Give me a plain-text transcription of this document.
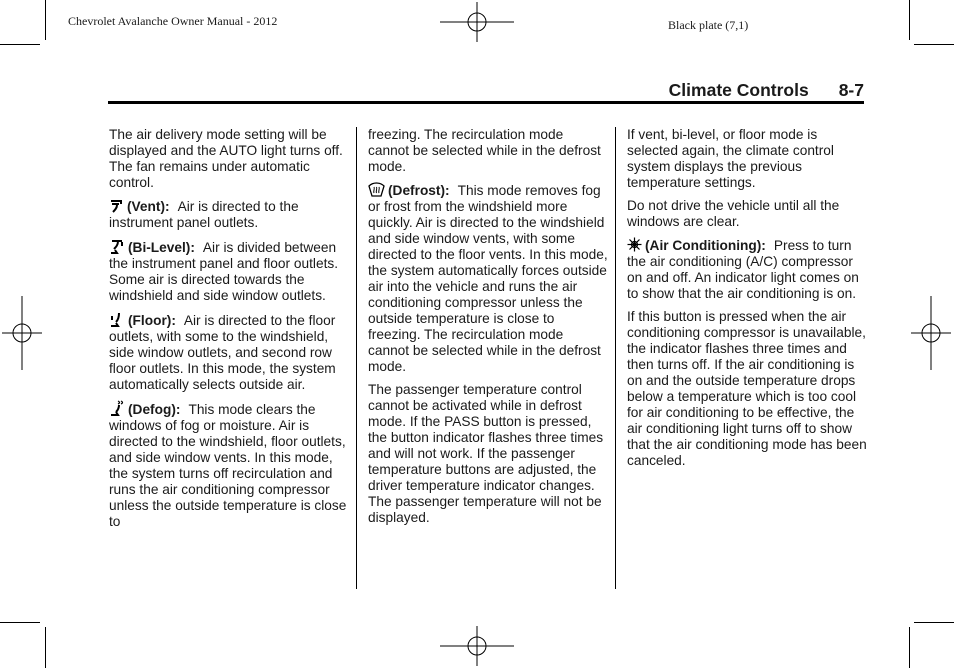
Chevrolet Avalanche Owner Manual - 2012	Black plate (7,1)
Climate Controls 8-7

The air delivery mode setting will be displayed and the AUTO light turns off. The fan remains under automatic control.

(Vent): Air is directed to the instrument panel outlets.

(Bi-Level): Air is divided between the instrument panel and floor outlets. Some air is directed towards the windshield and side window outlets.

(Floor): Air is directed to the floor outlets, with some to the windshield, side window outlets, and second row floor outlets. In this mode, the system automatically selects outside air.

(Defog): This mode clears the windows of fog or moisture. Air is directed to the windshield, floor outlets, and side window vents. In this mode, the system turns off recirculation and runs the air conditioning compressor unless the outside temperature is close to

freezing. The recirculation mode cannot be selected while in the defrost mode.

(Defrost): This mode removes fog or frost from the windshield more quickly. Air is directed to the windshield and side window vents, with some directed to the floor vents. In this mode, the system automatically forces outside air into the vehicle and runs the air conditioning compressor unless the outside temperature is close to freezing. The recirculation mode cannot be selected while in the defrost mode.

The passenger temperature control cannot be activated while in defrost mode. If the PASS button is pressed, the button indicator flashes three times and will not work. If the passenger temperature buttons are adjusted, the driver temperature indicator changes. The passenger temperature will not be displayed.

If vent, bi-level, or floor mode is selected again, the climate control system displays the previous temperature settings.

Do not drive the vehicle until all the windows are clear.

(Air Conditioning): Press to turn the air conditioning (A/C) compressor on and off. An indicator light comes on to show that the air conditioning is on.

If this button is pressed when the air conditioning compressor is unavailable, the indicator flashes three times and then turns off. If the air conditioning is on and the outside temperature drops below a temperature which is too cool for air conditioning to be effective, the air conditioning light turns off to show that the air conditioning mode has been canceled.
